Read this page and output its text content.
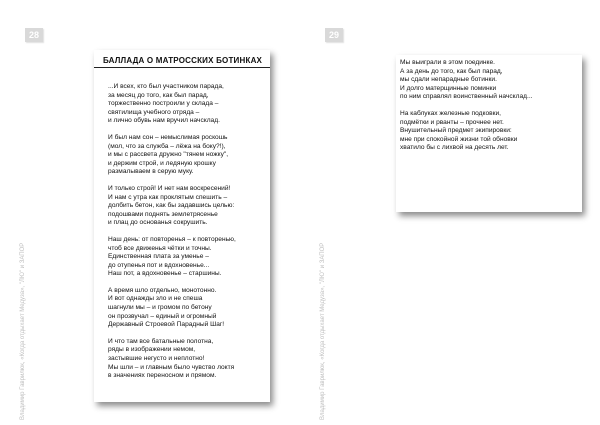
28
Владимир Гаврилюк, «Когда отдыхает Медуза», "ЛЮ" и ЗАПОР
БАЛЛАДА О МАТРОССКИХ БОТИНКАХ
...И всех, кто был участником парада,
за месяц до того, как был парад,
торжественно построили у склада –
святилища учебного отряда –
и лично обувь нам вручил начсклад.
И был нам сон – немыслимая роскошь
(мол, что за служба – лёжа на боку?!),
и мы с рассвета дружно "тянем ножку",
и держим строй, и ледяную крошку
размалываем в серую муку.
И только строй! И нет нам воскресений!
И нам с утра как проклятым спешить –
долбить бетон, как бы задавшись целью:
подошвами поднять землетрясенье
и плац до основанья сокрушить.
Наш день: от повторенья – к повторенью,
чтоб все движенья чётки и точны.
Единственная плата за уменье –
до отупенья пот и вдохновенье...
Наш пот, а вдохновенье – старшины.
А время шло отдельно, монотонно.
И вот однажды зло и не спеша
шагнули мы – и громом по бетону
он прозвучал – единый и огромный
Державный Строевой Парадный Шаг!
И что там все батальные полотна,
ряды в изображении немом,
застывшие негусто и неплотно!
Мы шли – и главным было чувство локтя
в значениях переносном и прямом.
29
Владимир Гаврилюк, «Когда отдыхает Медуза», "ЛЮ" и ЗАПОР
Мы выиграли в этом поединке.
А за день до того, как был парад,
мы сдали непарадные ботинки.
И долго матерщинные поминки
по ним справлял воинственный начсклад...
На каблуках железные подковки,
подмётки и рванты – прочнее нет.
Внушительный предмет экипировки:
мне при спокойной жизни той обновки
хватило бы с лихвой на десять лет.
